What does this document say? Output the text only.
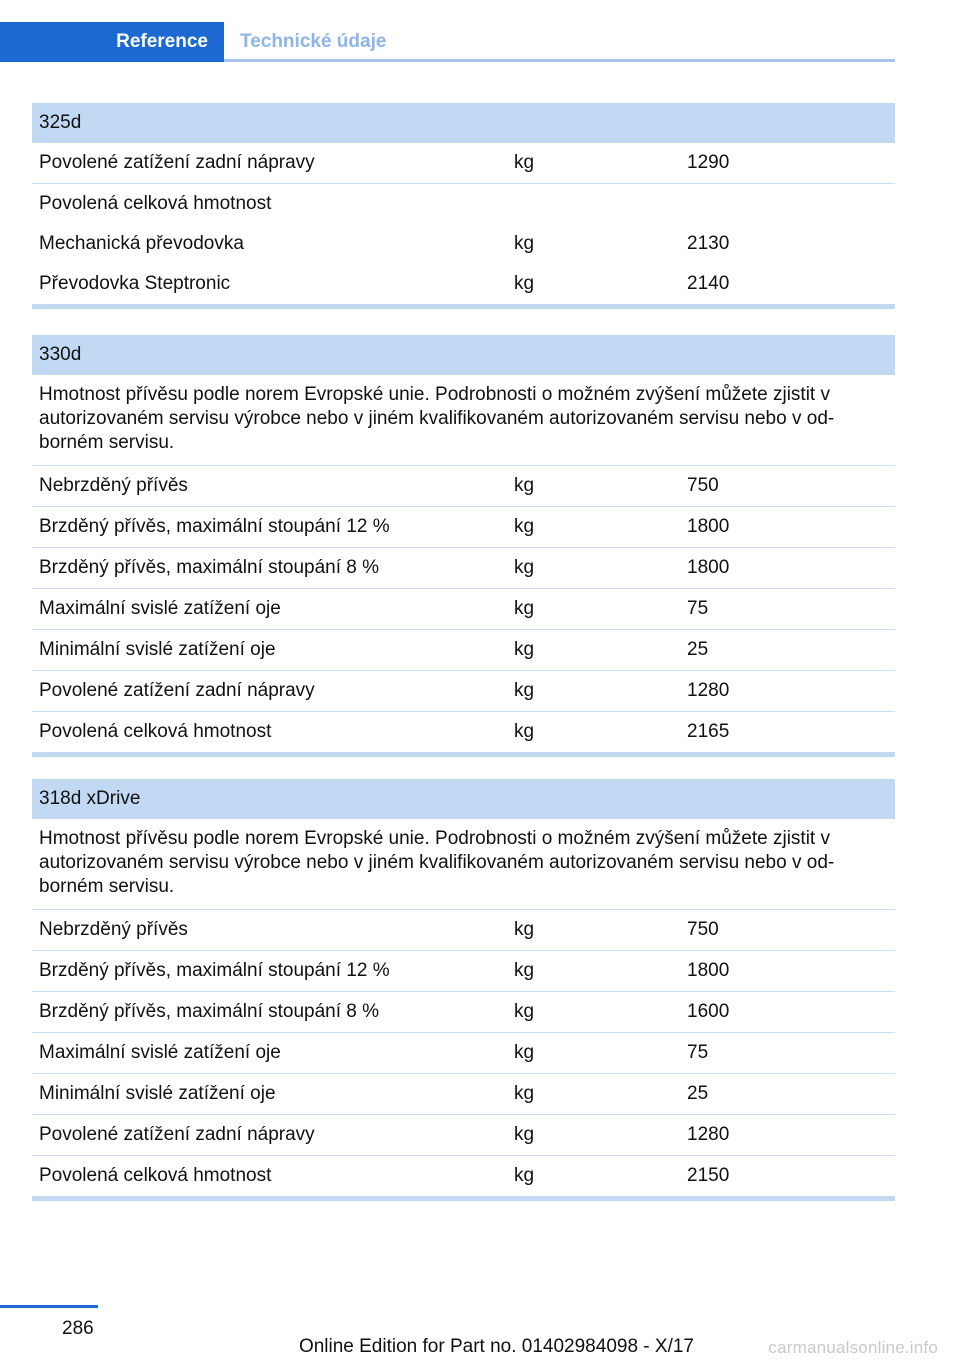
Reference	Technické údaje
325d
Povolené zatížení zadní nápravy	kg	1290
Povolená celková hmotnost
Mechanická převodovka	kg	2130
Převodovka Steptronic	kg	2140
330d
Hmotnost přívěsu podle norem Evropské unie. Podrobnosti o možném zvýšení můžete zjistit v autorizovaném servisu výrobce nebo v jiném kvalifikovaném autorizovaném servisu nebo v odborném servisu.
Nebrzděný přívěs	kg	750
Brzděný přívěs, maximální stoupání 12 %	kg	1800
Brzděný přívěs, maximální stoupání 8 %	kg	1800
Maximální svislé zatížení oje	kg	75
Minimální svislé zatížení oje	kg	25
Povolené zatížení zadní nápravy	kg	1280
Povolená celková hmotnost	kg	2165
318d xDrive
Hmotnost přívěsu podle norem Evropské unie. Podrobnosti o možném zvýšení můžete zjistit v autorizovaném servisu výrobce nebo v jiném kvalifikovaném autorizovaném servisu nebo v odborném servisu.
Nebrzděný přívěs	kg	750
Brzděný přívěs, maximální stoupání 12 %	kg	1800
Brzděný přívěs, maximální stoupání 8 %	kg	1600
Maximální svislé zatížení oje	kg	75
Minimální svislé zatížení oje	kg	25
Povolené zatížení zadní nápravy	kg	1280
Povolená celková hmotnost	kg	2150
286
Online Edition for Part no. 01402984098 - X/17	carmanualsonline.info
